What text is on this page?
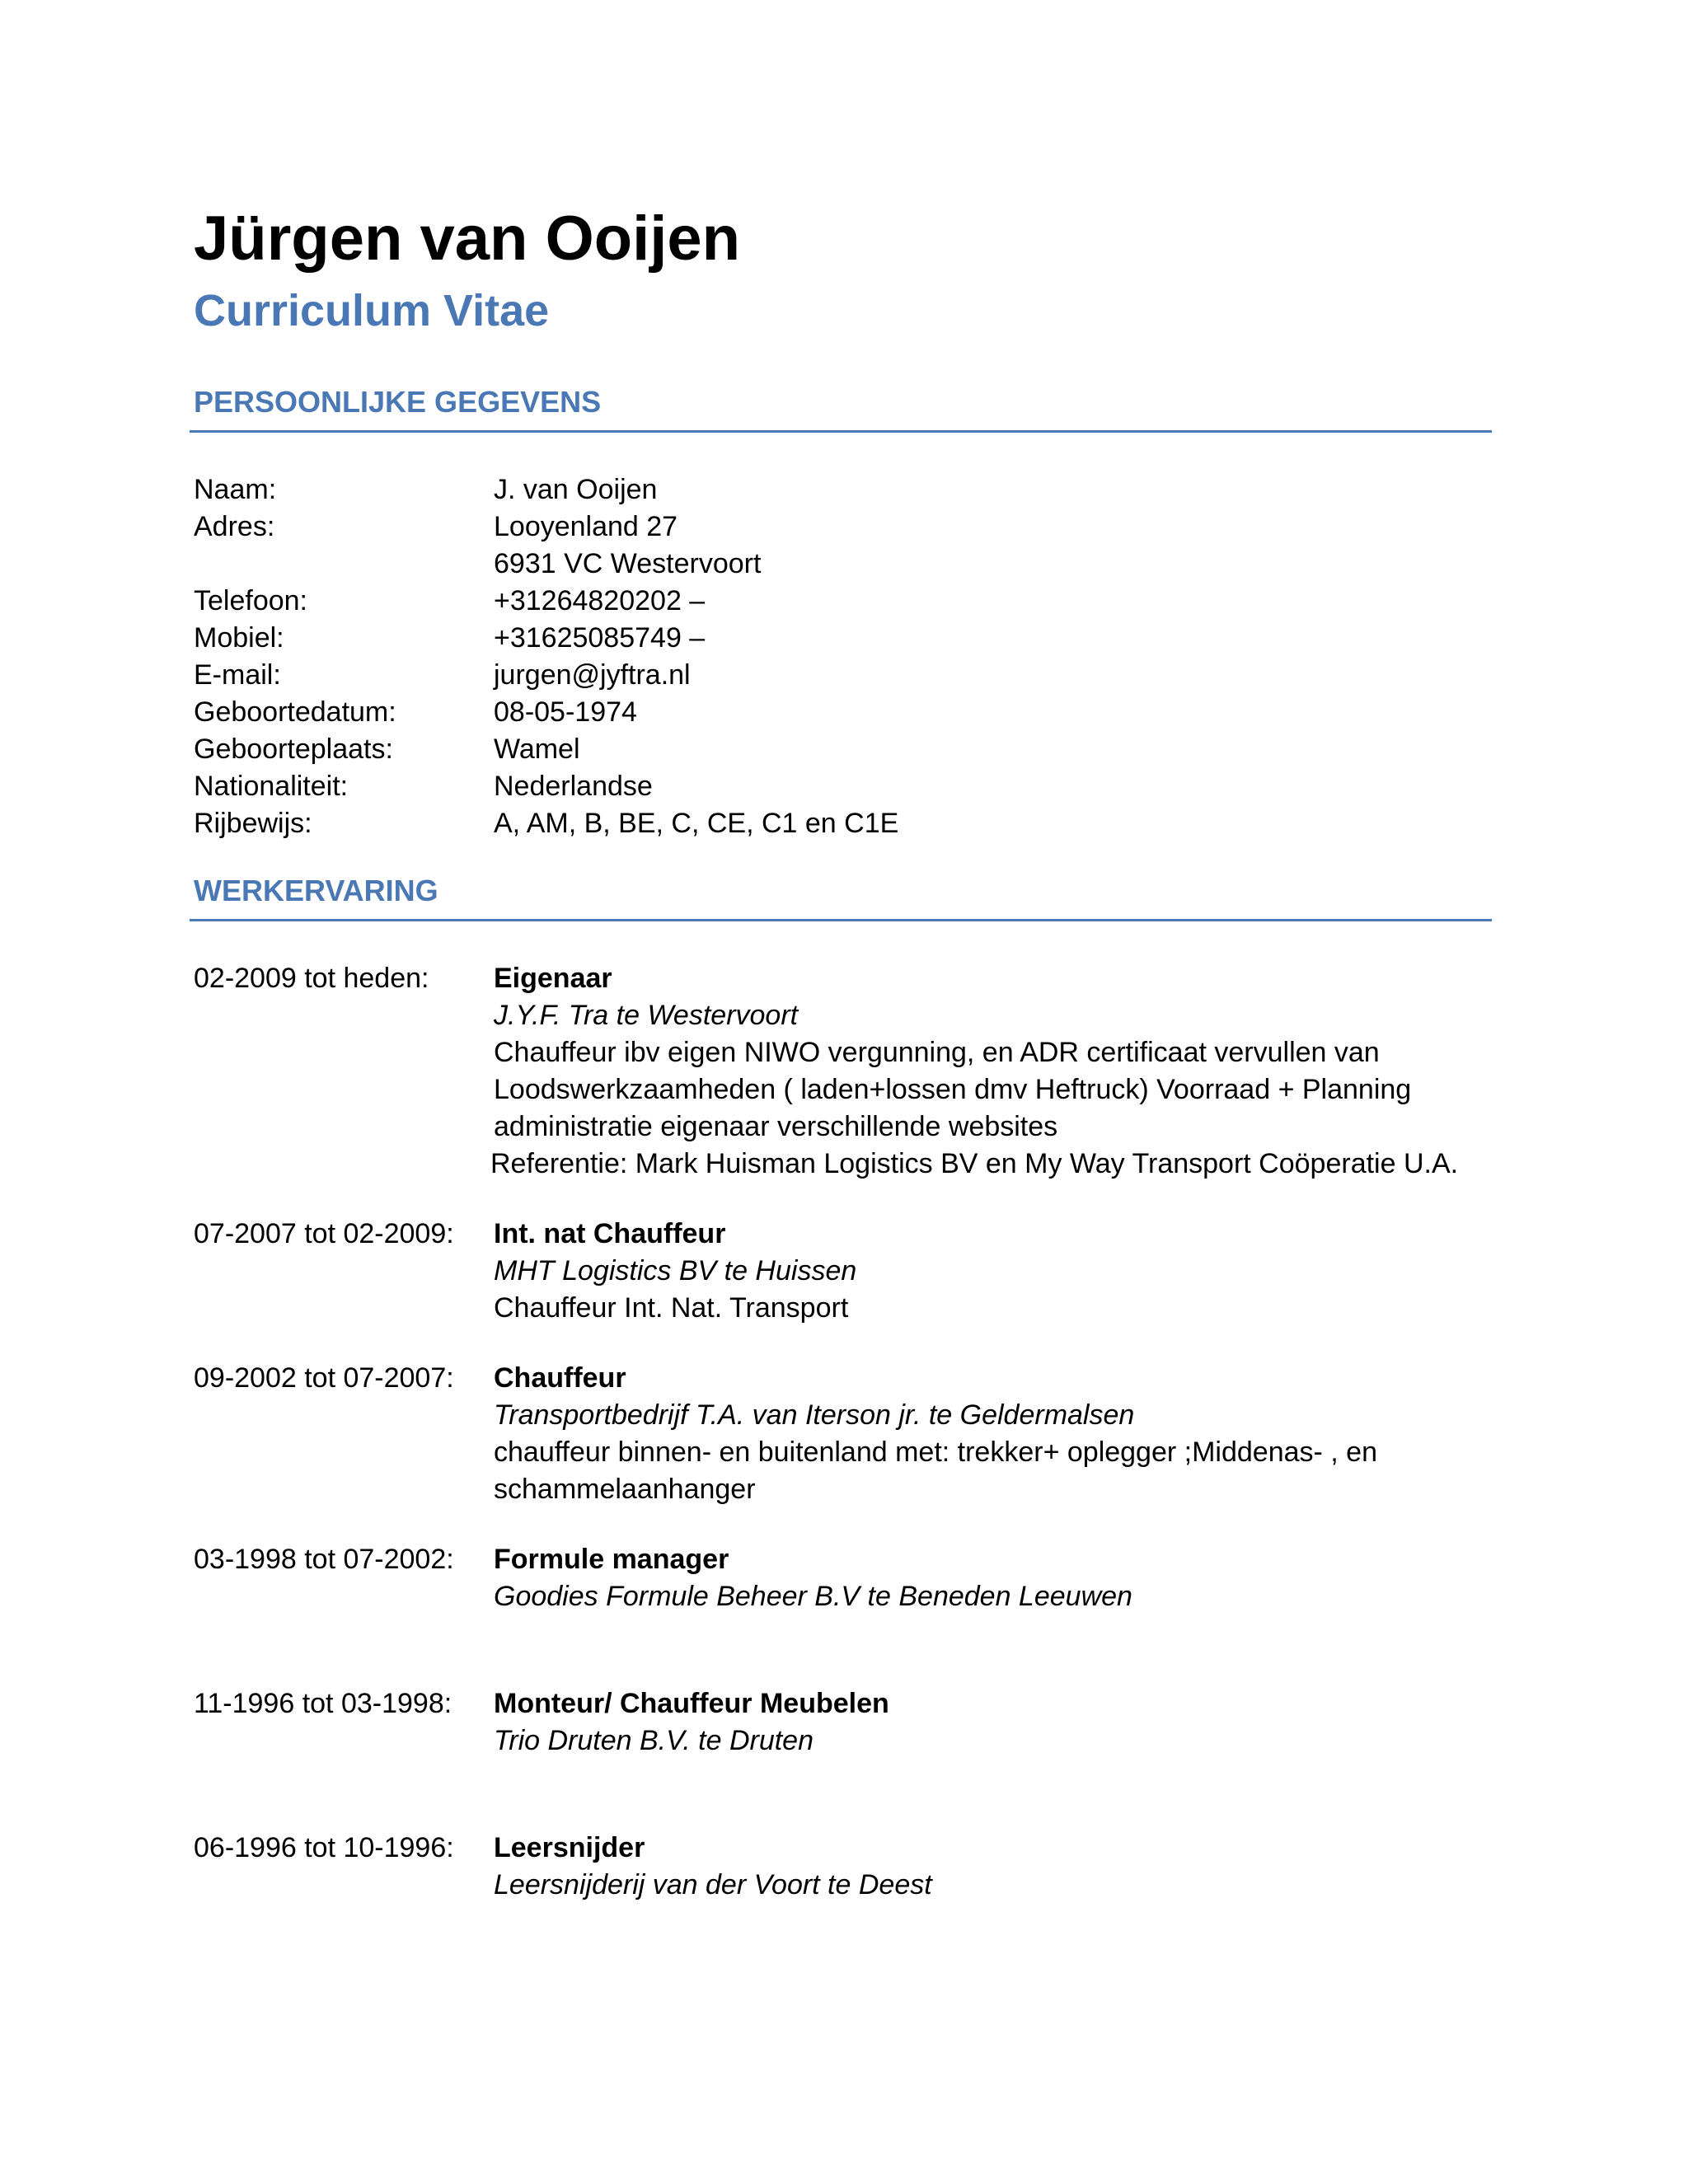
Jürgen van Ooijen
Curriculum Vitae
PERSOONLIJKE GEGEVENS
Naam:	J. van Ooijen
Adres:	Looyenland 27
6931 VC Westervoort
Telefoon:	+31264820202 –
Mobiel:	+31625085749 –
E-mail:	jurgen@jyftra.nl
Geboortedatum:	08-05-1974
Geboorteplaats:	Wamel
Nationaliteit:	Nederlandse
Rijbewijs:	A, AM, B, BE, C, CE, C1 en C1E
WERKERVARING
02-2009 tot heden: Eigenaar
J.Y.F. Tra te Westervoort
Chauffeur ibv eigen NIWO vergunning, en ADR certificaat vervullen van
Loodswerkzaamheden ( laden+lossen dmv Heftruck) Voorraad + Planning
administratie eigenaar verschillende websites
Referentie: Mark Huisman Logistics BV en My Way Transport Coöperatie U.A.
07-2007 tot 02-2009: Int. nat Chauffeur
MHT Logistics BV te Huissen
Chauffeur Int. Nat. Transport
09-2002 tot 07-2007: Chauffeur
Transportbedrijf T.A. van Iterson jr. te Geldermalsen
chauffeur binnen- en buitenland met: trekker+ oplegger ;Middenas- , en
schammelaanhanger
03-1998 tot 07-2002: Formule manager
Goodies Formule Beheer B.V te Beneden Leeuwen
11-1996 tot 03-1998: Monteur/ Chauffeur Meubelen
Trio Druten B.V. te Druten
06-1996 tot 10-1996: Leersnijder
Leersnijderij van der Voort te Deest
